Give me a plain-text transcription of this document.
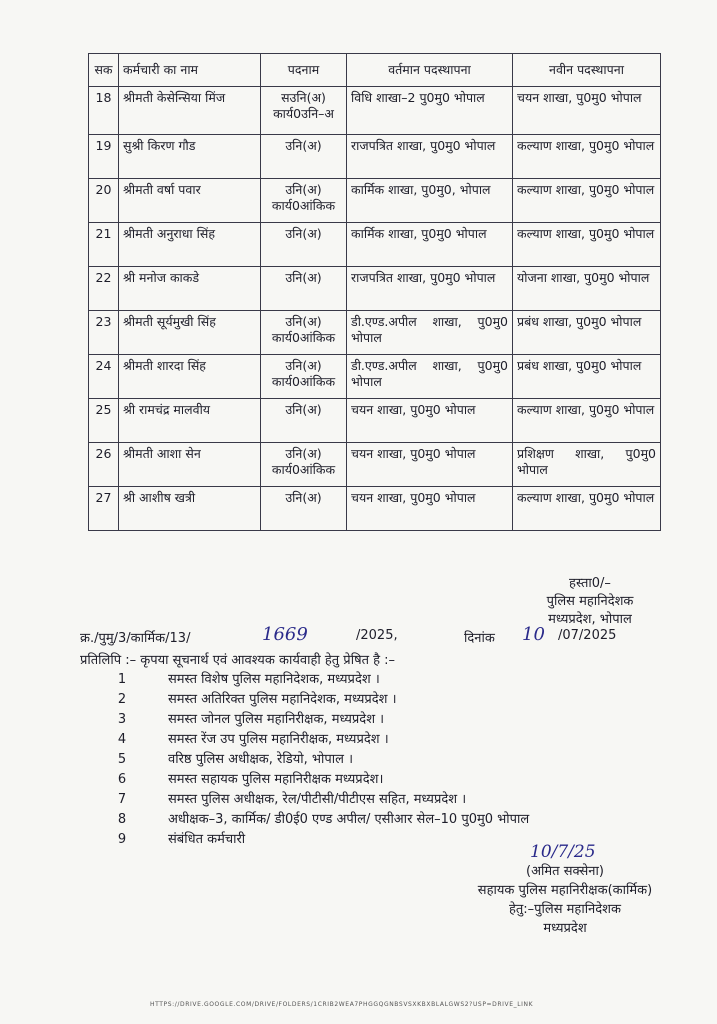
सक	कर्मचारी का नाम	पदनाम	वर्तमान पदस्थापना	नवीन पदस्थापना
18	श्रीमती केसेन्सिया मिंज	सउनि(अ) कार्य0उनि–अ	विधि शाखा–2 पु0मु0 भोपाल	चयन शाखा, पु0मु0 भोपाल
19	सुश्री किरण गौड	उनि(अ)	राजपत्रित शाखा, पु0मु0 भोपाल	कल्याण शाखा, पु0मु0 भोपाल
20	श्रीमती वर्षा पवार	उनि(अ) कार्य0आंकिक	कार्मिक शाखा, पु0मु0, भोपाल	कल्याण शाखा, पु0मु0 भोपाल
21	श्रीमती अनुराधा सिंह	उनि(अ)	कार्मिक शाखा, पु0मु0 भोपाल	कल्याण शाखा, पु0मु0 भोपाल
22	श्री मनोज काकडे	उनि(अ)	राजपत्रित शाखा, पु0मु0 भोपाल	योजना शाखा, पु0मु0 भोपाल
23	श्रीमती सूर्यमुखी सिंह	उनि(अ) कार्य0आंकिक	डी.एण्ड.अपील शाखा, पु0मु0 भोपाल	प्रबंध शाखा, पु0मु0 भोपाल
24	श्रीमती शारदा सिंह	उनि(अ) कार्य0आंकिक	डी.एण्ड.अपील शाखा, पु0मु0 भोपाल	प्रबंध शाखा, पु0मु0 भोपाल
25	श्री रामचंद्र मालवीय	उनि(अ)	चयन शाखा, पु0मु0 भोपाल	कल्याण शाखा, पु0मु0 भोपाल
26	श्रीमती आशा सेन	उनि(अ) कार्य0आंकिक	चयन शाखा, पु0मु0 भोपाल	प्रशिक्षण शाखा, पु0मु0 भोपाल
27	श्री आशीष खत्री	उनि(अ)	चयन शाखा, पु0मु0 भोपाल	कल्याण शाखा, पु0मु0 भोपाल
हस्ता0/–
पुलिस महानिदेशक
मध्यप्रदेश, भोपाल
क्र./पुमु/3/कार्मिक/13/	1669	/2025,	दिनांक 10 /07/2025
प्रतिलिपि :– कृपया सूचनार्थ एवं आवश्यक कार्यवाही हेतु प्रेषित है :–
1	समस्त विशेष पुलिस महानिदेशक, मध्यप्रदेश ।
2	समस्त अतिरिक्त पुलिस महानिदेशक, मध्यप्रदेश ।
3	समस्त जोनल पुलिस महानिरीक्षक, मध्यप्रदेश ।
4	समस्त रेंज उप पुलिस महानिरीक्षक, मध्यप्रदेश ।
5	वरिष्ठ पुलिस अधीक्षक, रेडियो, भोपाल ।
6	समस्त सहायक पुलिस महानिरीक्षक मध्यप्रदेश।
7	समस्त पुलिस अधीक्षक, रेल/पीटीसी/पीटीएस सहित, मध्यप्रदेश ।
8	अधीक्षक–3, कार्मिक/ डी0ई0 एण्ड अपील/ एसीआर सेल–10 पु0मु0 भोपाल
9	संबंधित कर्मचारी
10/7/25
(अमित सक्सेना)
सहायक पुलिस महानिरीक्षक(कार्मिक)
हेतु:–पुलिस महानिदेशक
मध्यप्रदेश
HTTPS://DRIVE.GOOGLE.COM/DRIVE/FOLDERS/1CRIB2WEA7PHGGQGNBSVSXKBXBLALGWS2?USP=DRIVE_LINK
